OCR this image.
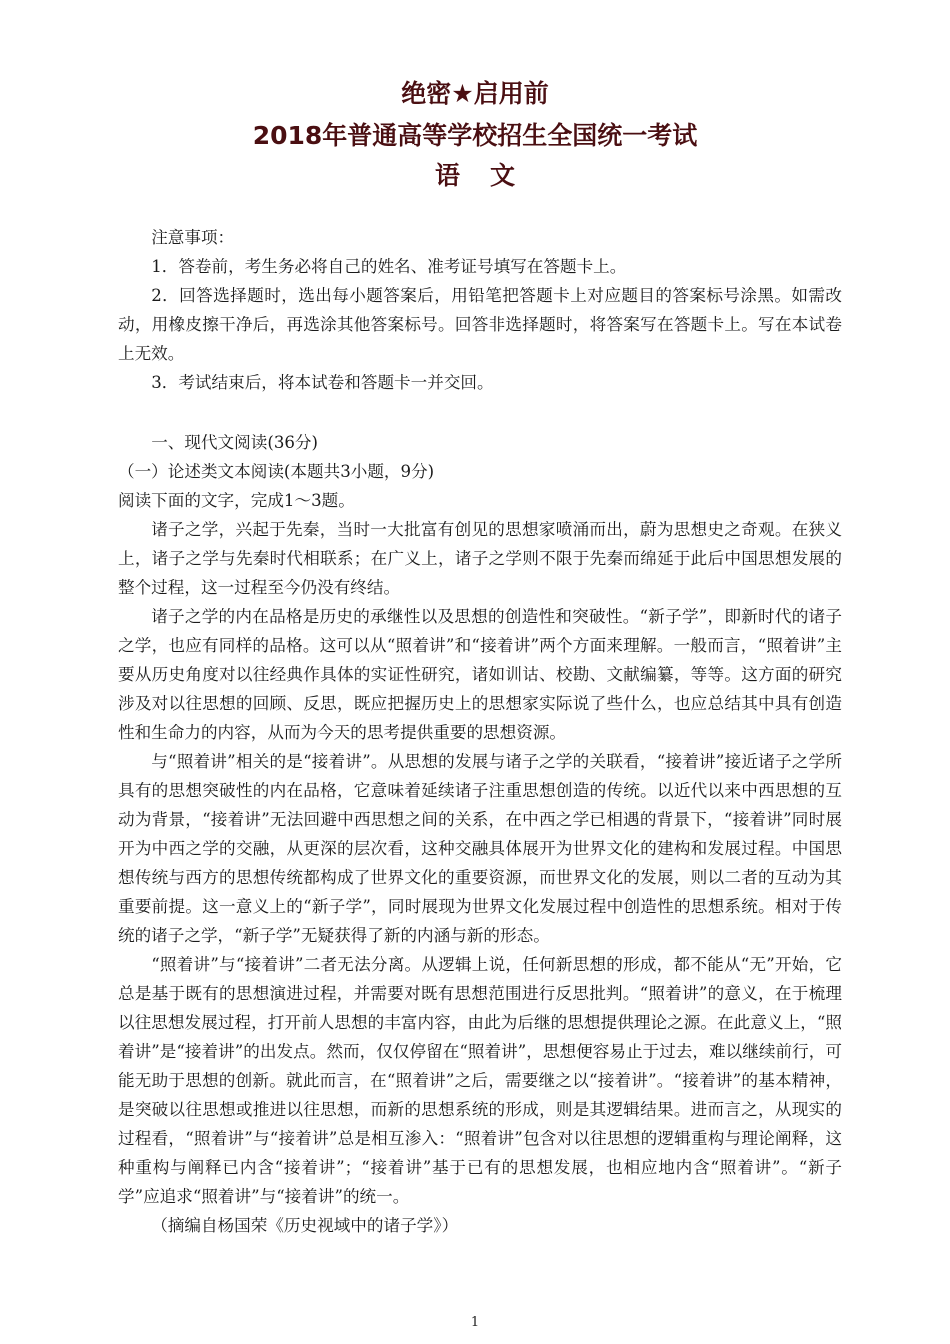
绝密★启用前
2018年普通高等学校招生全国统一考试
语文

注意事项：

1．答卷前，考生务必将自己的姓名、准考证号填写在答题卡上。

2．回答选择题时，选出每小题答案后，用铅笔把答题卡上对应题目的答案标号涂黑。如需改动，用橡皮擦干净后，再选涂其他答案标号。回答非选择题时，将答案写在答题卡上。写在本试卷上无效。

3．考试结束后，将本试卷和答题卡一并交回。

一、现代文阅读(36分)

（一）论述类文本阅读(本题共3小题，9分)

阅读下面的文字，完成1～3题。

诸子之学，兴起于先秦，当时一大批富有创见的思想家喷涌而出，蔚为思想史之奇观。在狭义上，诸子之学与先秦时代相联系；在广义上，诸子之学则不限于先秦而绵延于此后中国思想发展的整个过程，这一过程至今仍没有终结。

诸子之学的内在品格是历史的承继性以及思想的创造性和突破性。“新子学”，即新时代的诸子之学，也应有同样的品格。这可以从“照着讲”和“接着讲”两个方面来理解。一般而言，“照着讲”主要从历史角度对以往经典作具体的实证性研究，诸如训诂、校勘、文献编纂，等等。这方面的研究涉及对以往思想的回顾、反思，既应把握历史上的思想家实际说了些什么，也应总结其中具有创造性和生命力的内容，从而为今天的思考提供重要的思想资源。

与“照着讲”相关的是“接着讲”。从思想的发展与诸子之学的关联看，“接着讲”接近诸子之学所具有的思想突破性的内在品格，它意味着延续诸子注重思想创造的传统。以近代以来中西思想的互动为背景，“接着讲”无法回避中西思想之间的关系，在中西之学已相遇的背景下，“接着讲”同时展开为中西之学的交融，从更深的层次看，这种交融具体展开为世界文化的建构和发展过程。中国思想传统与西方的思想传统都构成了世界文化的重要资源，而世界文化的发展，则以二者的互动为其重要前提。这一意义上的“新子学”，同时展现为世界文化发展过程中创造性的思想系统。相对于传统的诸子之学，“新子学”无疑获得了新的内涵与新的形态。

“照着讲”与“接着讲”二者无法分离。从逻辑上说，任何新思想的形成，都不能从“无”开始，它总是基于既有的思想演进过程，并需要对既有思想范围进行反思批判。“照着讲”的意义，在于梳理以往思想发展过程，打开前人思想的丰富内容，由此为后继的思想提供理论之源。在此意义上，“照着讲”是“接着讲”的出发点。然而，仅仅停留在“照着讲”，思想便容易止于过去，难以继续前行，可能无助于思想的创新。就此而言，在“照着讲”之后，需要继之以“接着讲”。“接着讲”的基本精神，是突破以往思想或推进以往思想，而新的思想系统的形成，则是其逻辑结果。进而言之，从现实的过程看，“照着讲”与“接着讲”总是相互渗入：“照着讲”包含对以往思想的逻辑重构与理论阐释，这种重构与阐释已内含“接着讲”；“接着讲”基于已有的思想发展，也相应地内含“照着讲”。“新子学”应追求“照着讲”与“接着讲”的统一。

（摘编自杨国荣《历史视域中的诸子学》）

1
